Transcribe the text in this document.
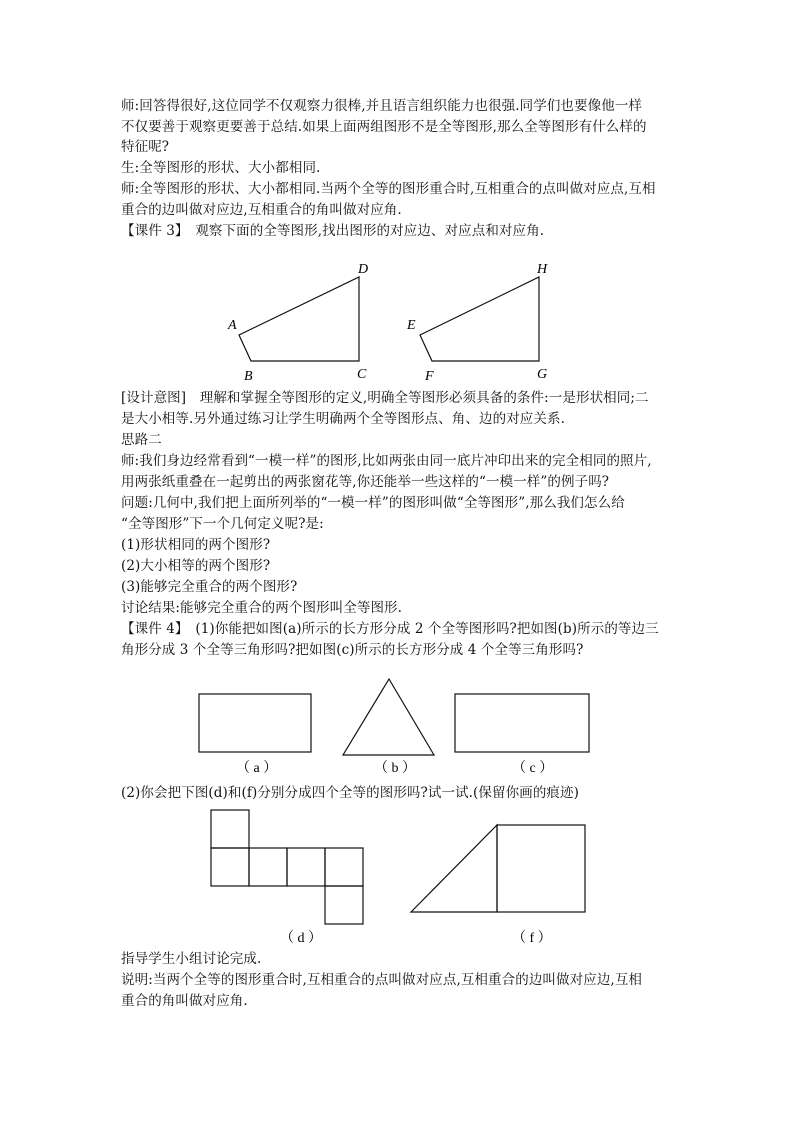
师:回答得很好,这位同学不仅观察力很棒,并且语言组织能力也很强.同学们也要像他一样
不仅要善于观察更要善于总结.如果上面两组图形不是全等图形,那么全等图形有什么样的
特征呢?
生:全等图形的形状、大小都相同.
师:全等图形的形状、大小都相同.当两个全等的图形重合时,互相重合的点叫做对应点,互相
重合的边叫做对应边,互相重合的角叫做对应角.
【课件 3】　观察下面的全等图形,找出图形的对应边、对应点和对应角.
A
B	C
D
E
F	G
H
[设计意图]　理解和掌握全等图形的定义,明确全等图形必须具备的条件:一是形状相同;二
是大小相等.另外通过练习让学生明确两个全等图形点、角、边的对应关系.
思路二
师:我们身边经常看到“一模一样”的图形,比如两张由同一底片冲印出来的完全相同的照片,
用两张纸重叠在一起剪出的两张窗花等,你还能举一些这样的“一模一样”的例子吗?
问题:几何中,我们把上面所列举的“一模一样”的图形叫做“全等图形”,那么我们怎么给
“全等图形”下一个几何定义呢?是:
(1)形状相同的两个图形?
(2)大小相等的两个图形?
(3)能够完全重合的两个图形?
讨论结果:能够完全重合的两个图形叫全等图形.
【课件 4】　(1)你能把如图(a)所示的长方形分成 2 个全等图形吗?把如图(b)所示的等边三
角形分成 3 个全等三角形吗?把如图(c)所示的长方形分成 4 个全等三角形吗?
（ a ）	（ b ）	（ c ）
(2)你会把下图(d)和(f)分别分成四个全等的图形吗?试一试.(保留你画的痕迹)
（ d ）	（ f ）
指导学生小组讨论完成.
说明:当两个全等的图形重合时,互相重合的点叫做对应点,互相重合的边叫做对应边,互相
重合的角叫做对应角.
